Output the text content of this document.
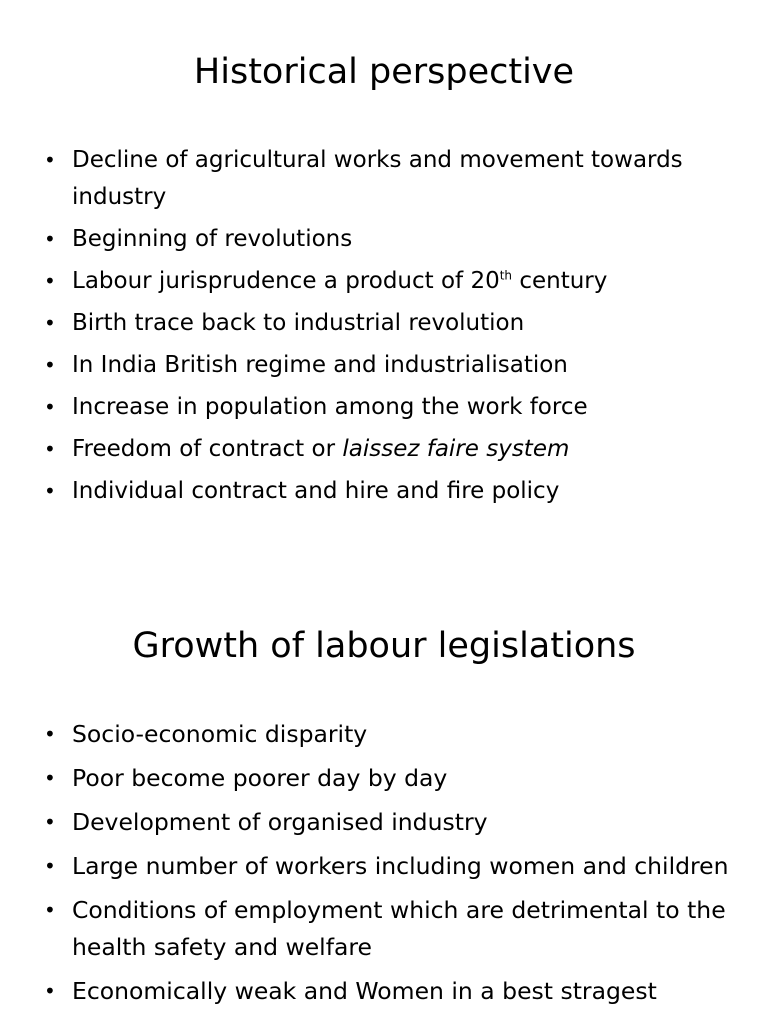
Historical perspective
• Decline of agricultural works and movement towards industry
• Beginning of revolutions
• Labour jurisprudence a product of 20th century
• Birth trace back to industrial revolution
• In India British regime and industrialisation
• Increase in population among the work force
• Freedom of contract or laissez faire system
• Individual contract and hire and fire policy
Growth of labour legislations
• Socio-economic disparity
• Poor become poorer day by day
• Development of organised industry
• Large number of workers including women and children
• Conditions of employment which are detrimental to the health safety and welfare
• Economically weak and Women in a best stragest
